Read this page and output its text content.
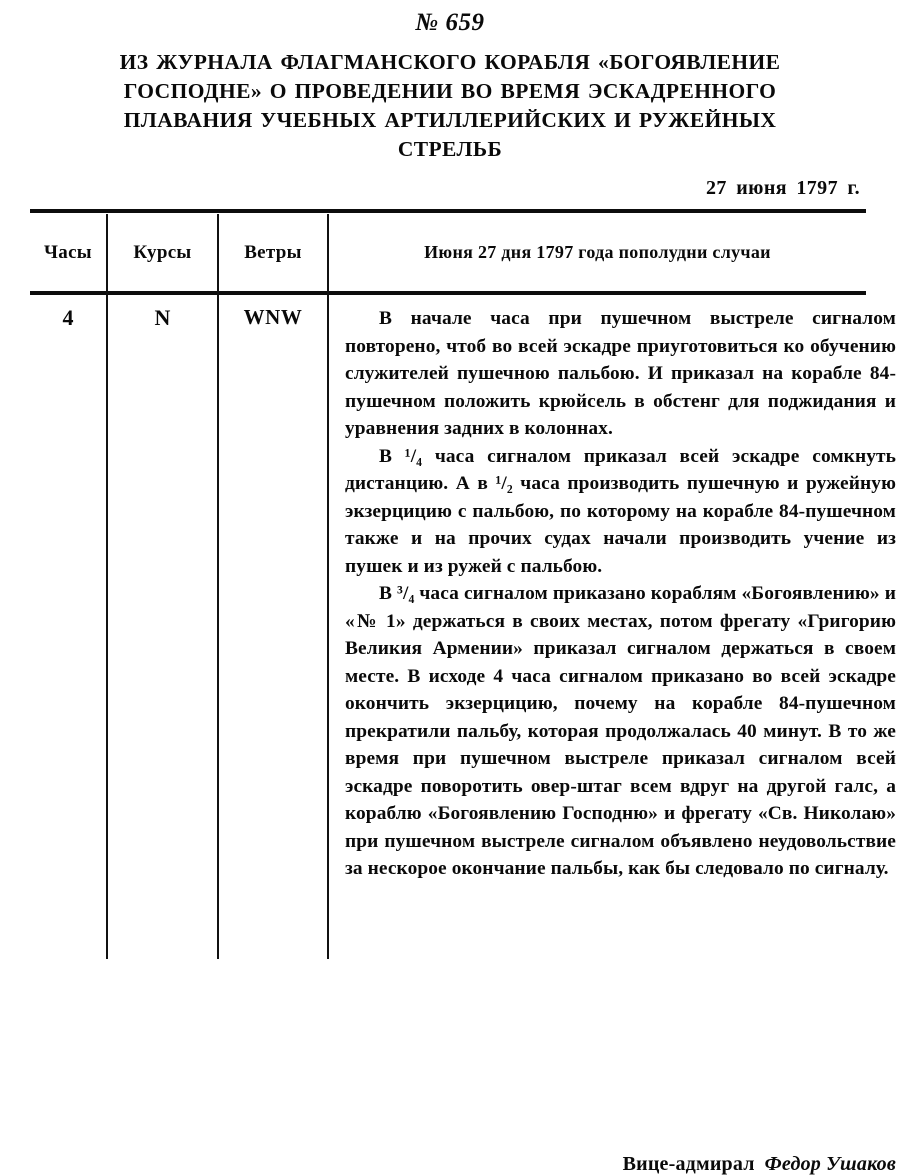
№ 659
ИЗ ЖУРНАЛА ФЛАГМАНСКОГО КОРАБЛЯ «БОГОЯВЛЕНИЕ
ГОСПОДНЕ» О ПРОВЕДЕНИИ ВО ВРЕМЯ ЭСКАДРЕННОГО
ПЛАВАНИЯ УЧЕБНЫХ АРТИЛЛЕРИЙСКИХ И РУЖЕЙНЫХ
СТРЕЛЬБ
27 июня 1797 г.
Часы	Курсы	Ветры	Июня 27 дня 1797 года пополудни случаи
4	N	WNW	В начале часа при пушечном выстреле сигналом повторено, чтоб во всей эскадре приуготовиться ко обучению служителей пушечною пальбою. И приказал на корабле 84-пушечном положить крюйсель в обстенг для поджидания и уравнения задних в колоннах.

В ¹/₄ часа сигналом приказал всей эскадре сомкнуть дистанцию. А в ¹/₂ часа производить пушечную и ружейную экзерцицию с пальбою, по которому на корабле 84-пушечном также и на прочих судах начали производить учение из пушек и из ружей с пальбою.

В ³/₄ часа сигналом приказано кораблям «Богоявлению» и «№ 1» держаться в своих местах, потом фрегату «Григорию Великия Армении» приказал сигналом держаться в своем месте. В исходе 4 часа сигналом приказано во всей эскадре окончить экзерцицию, почему на корабле 84-пушечном прекратили пальбу, которая продолжалась 40 минут. В то же время при пушечном выстреле приказал сигналом всей эскадре поворотить овер-штаг всем вдруг на другой галс, а кораблю «Богоявлению Господню» и фрегату «Св. Николаю» при пушечном выстреле сигналом объявлено неудовольствие за нескорое окончание пальбы, как бы следовало по сигналу.

Вице-адмирал Федор Ушаков
